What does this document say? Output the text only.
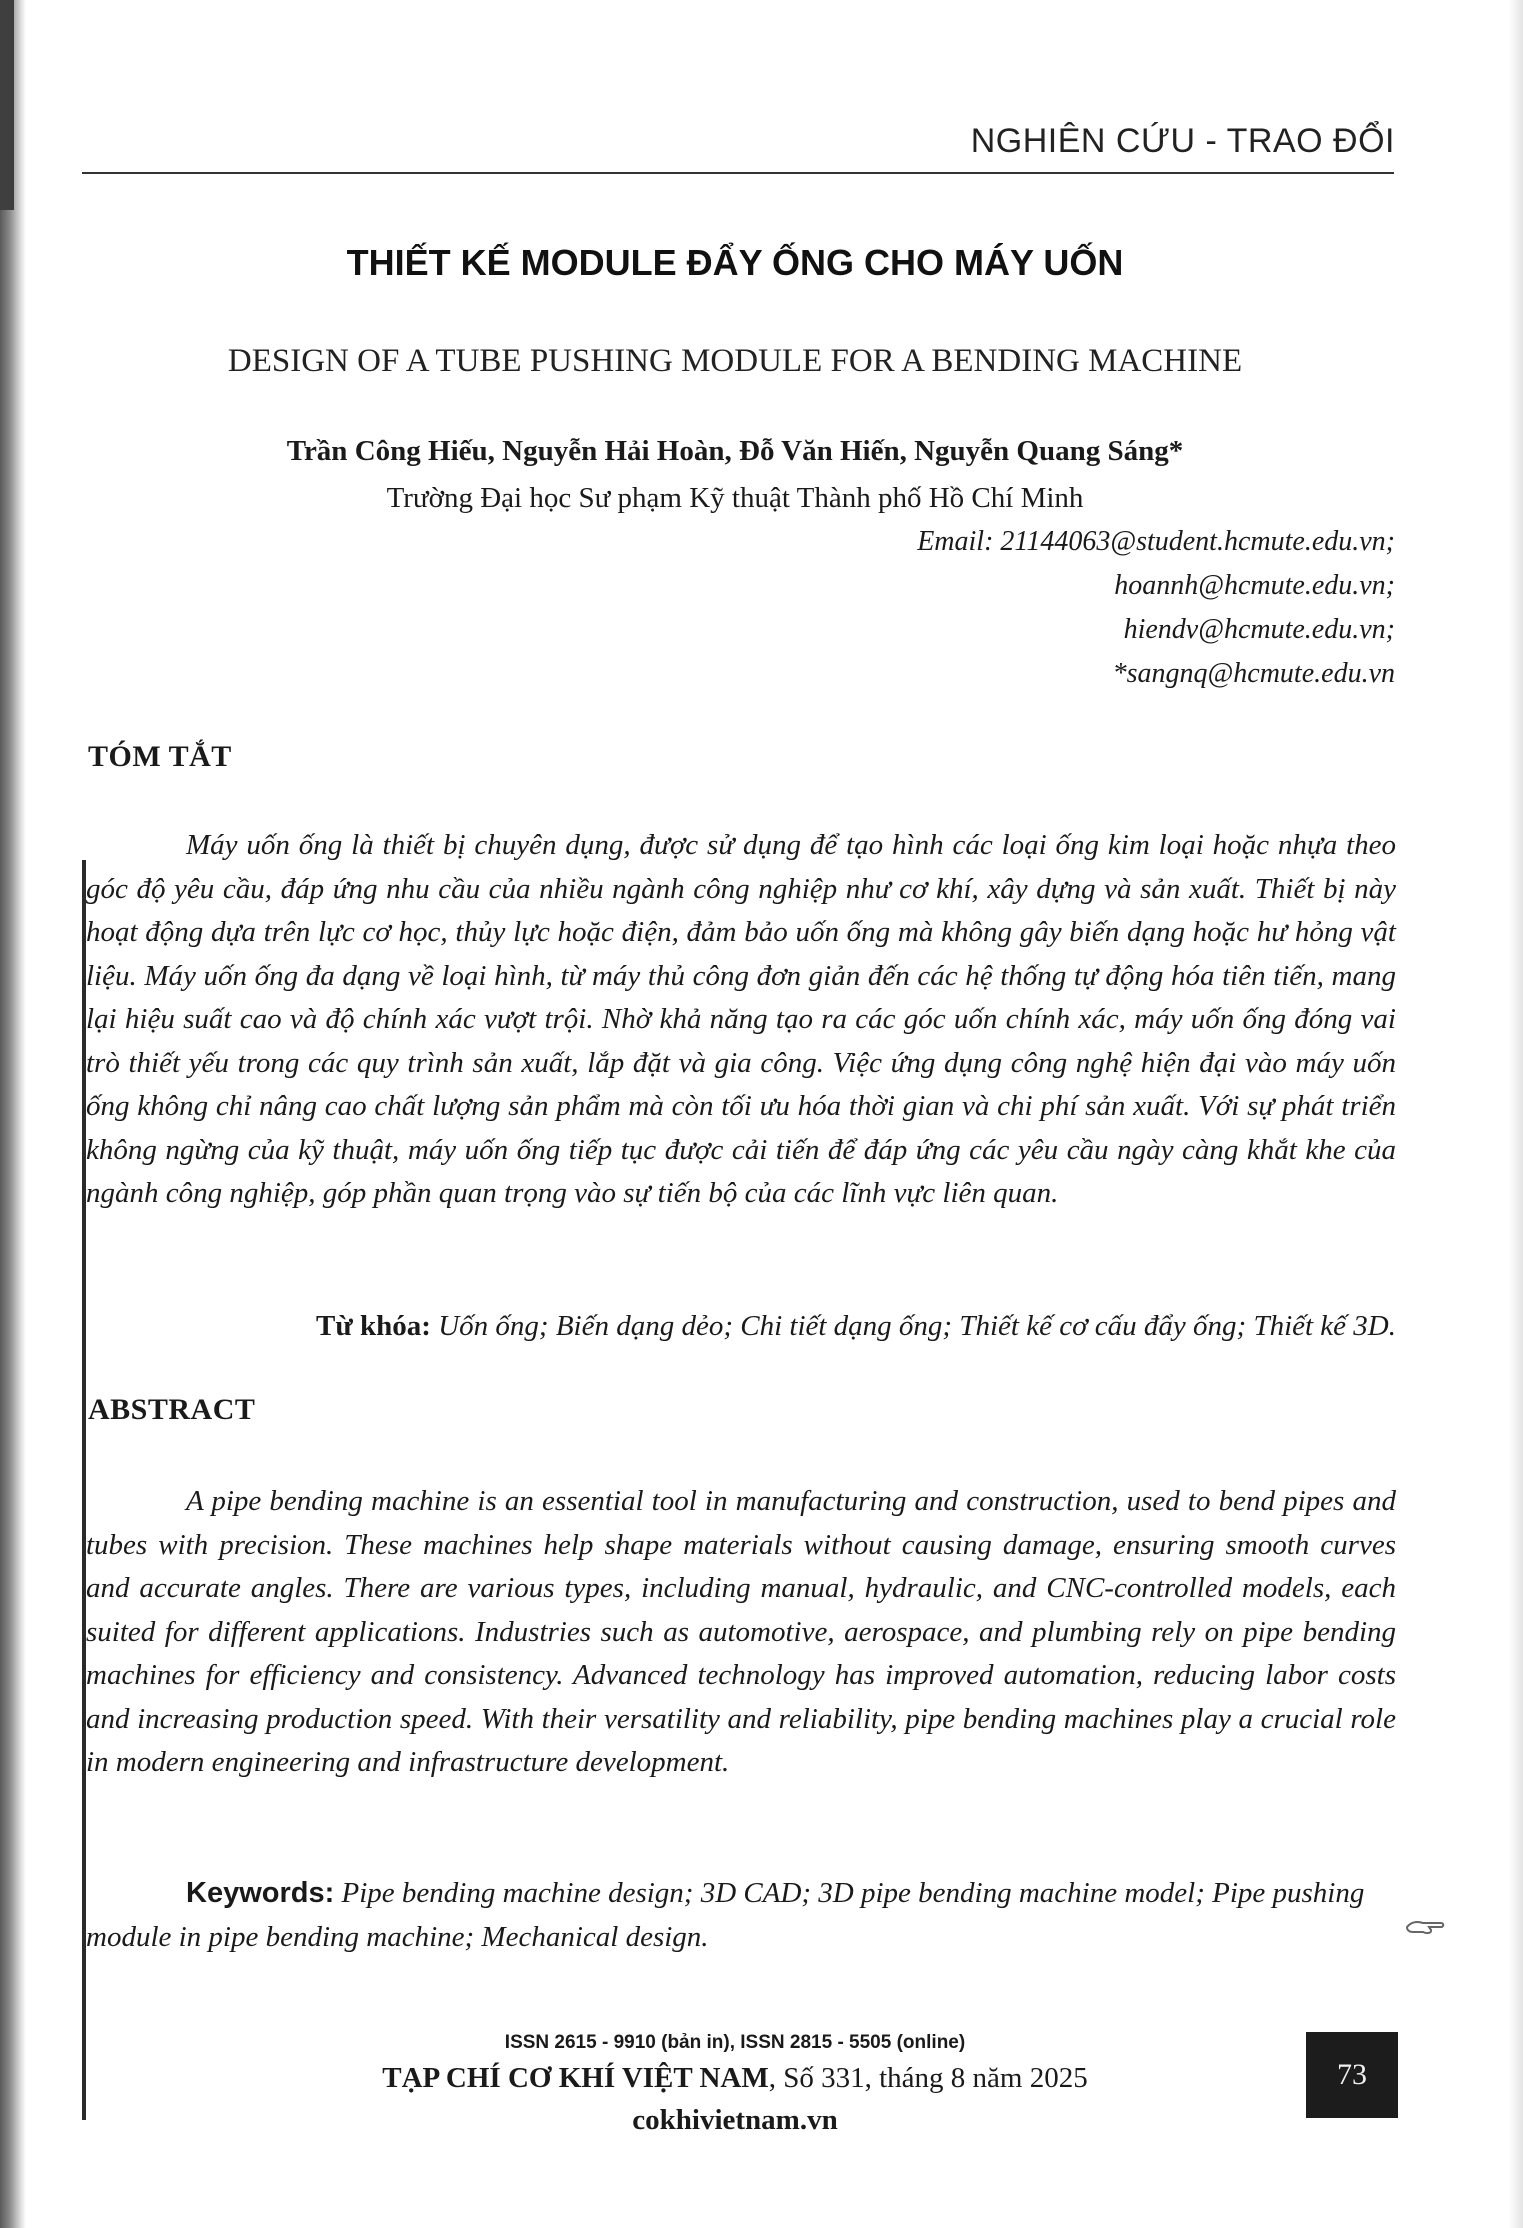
NGHIÊN CỨU - TRAO ĐỔI
THIẾT KẾ MODULE ĐẨY ỐNG CHO MÁY UỐN
DESIGN OF A TUBE PUSHING MODULE FOR A BENDING MACHINE
Trần Công Hiếu, Nguyễn Hải Hoàn, Đỗ Văn Hiến, Nguyễn Quang Sáng*
Trường Đại học Sư phạm Kỹ thuật Thành phố Hồ Chí Minh
Email: 21144063@student.hcmute.edu.vn;
hoannh@hcmute.edu.vn;
hiendv@hcmute.edu.vn;
*sangnq@hcmute.edu.vn
TÓM TẮT
Máy uốn ống là thiết bị chuyên dụng, được sử dụng để tạo hình các loại ống kim loại hoặc nhựa theo góc độ yêu cầu, đáp ứng nhu cầu của nhiều ngành công nghiệp như cơ khí, xây dựng và sản xuất. Thiết bị này hoạt động dựa trên lực cơ học, thủy lực hoặc điện, đảm bảo uốn ống mà không gây biến dạng hoặc hư hỏng vật liệu. Máy uốn ống đa dạng về loại hình, từ máy thủ công đơn giản đến các hệ thống tự động hóa tiên tiến, mang lại hiệu suất cao và độ chính xác vượt trội. Nhờ khả năng tạo ra các góc uốn chính xác, máy uốn ống đóng vai trò thiết yếu trong các quy trình sản xuất, lắp đặt và gia công. Việc ứng dụng công nghệ hiện đại vào máy uốn ống không chỉ nâng cao chất lượng sản phẩm mà còn tối ưu hóa thời gian và chi phí sản xuất. Với sự phát triển không ngừng của kỹ thuật, máy uốn ống tiếp tục được cải tiến để đáp ứng các yêu cầu ngày càng khắt khe của ngành công nghiệp, góp phần quan trọng vào sự tiến bộ của các lĩnh vực liên quan.
Từ khóa: Uốn ống; Biến dạng dẻo; Chi tiết dạng ống; Thiết kế cơ cấu đẩy ống; Thiết kế 3D.
ABSTRACT
A pipe bending machine is an essential tool in manufacturing and construction, used to bend pipes and tubes with precision. These machines help shape materials without causing damage, ensuring smooth curves and accurate angles. There are various types, including manual, hydraulic, and CNC-controlled models, each suited for different applications. Industries such as automotive, aerospace, and plumbing rely on pipe bending machines for efficiency and consistency. Advanced technology has improved automation, reducing labor costs and increasing production speed. With their versatility and reliability, pipe bending machines play a crucial role in modern engineering and infrastructure development.
Keywords: Pipe bending machine design; 3D CAD; 3D pipe bending machine model; Pipe pushing module in pipe bending machine; Mechanical design.
ISSN 2615 - 9910 (bản in), ISSN 2815 - 5505 (online)
TẠP CHÍ CƠ KHÍ VIỆT NAM, Số 331, tháng 8 năm 2025
cokhivietnam.vn
73
